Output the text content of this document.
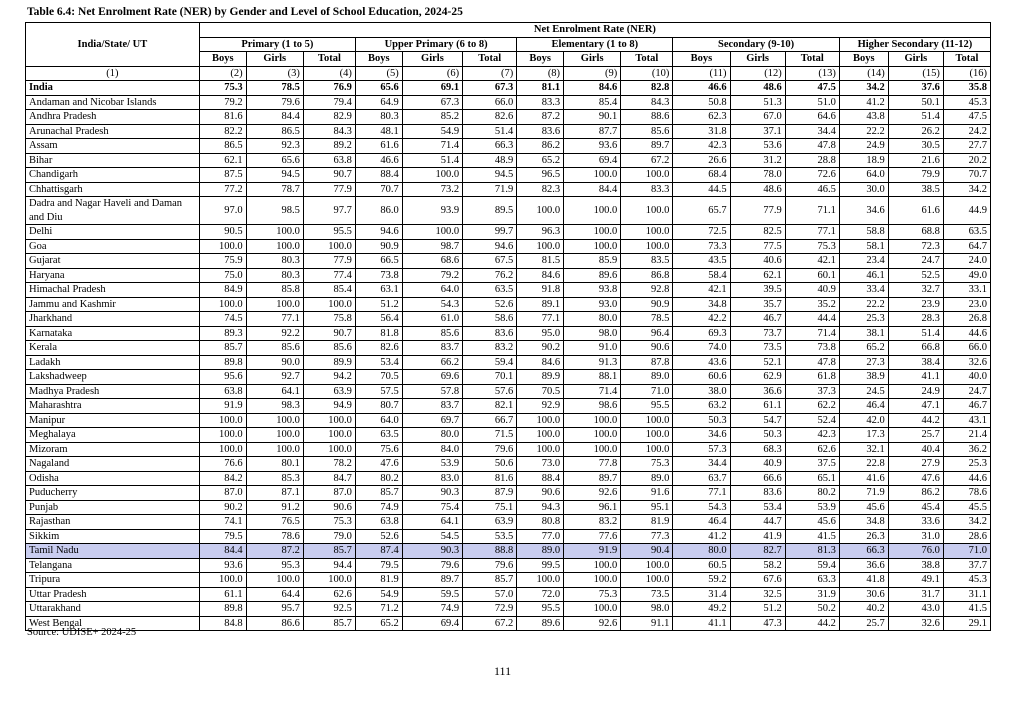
Table 6.4: Net Enrolment Rate (NER) by Gender and Level of School Education, 2024-25
India/State/ UT	Net Enrolment Rate (NER)														
	Primary (1 to 5)			Upper Primary (6 to 8)			Elementary (1 to 8)			Secondary (9-10)			Higher Secondary (11-12)		
	Boys	Girls	Total	Boys	Girls	Total	Boys	Girls	Total	Boys	Girls	Total	Boys	Girls	Total
(1)	(2)	(3)	(4)	(5)	(6)	(7)	(8)	(9)	(10)	(11)	(12)	(13)	(14)	(15)	(16)
India	75.3	78.5	76.9	65.6	69.1	67.3	81.1	84.6	82.8	46.6	48.6	47.5	34.2	37.6	35.8
Andaman and Nicobar Islands	79.2	79.6	79.4	64.9	67.3	66.0	83.3	85.4	84.3	50.8	51.3	51.0	41.2	50.1	45.3
Andhra Pradesh	81.6	84.4	82.9	80.3	85.2	82.6	87.2	90.1	88.6	62.3	67.0	64.6	43.8	51.4	47.5
Arunachal Pradesh	82.2	86.5	84.3	48.1	54.9	51.4	83.6	87.7	85.6	31.8	37.1	34.4	22.2	26.2	24.2
Assam	86.5	92.3	89.2	61.6	71.4	66.3	86.2	93.6	89.7	42.3	53.6	47.8	24.9	30.5	27.7
Bihar	62.1	65.6	63.8	46.6	51.4	48.9	65.2	69.4	67.2	26.6	31.2	28.8	18.9	21.6	20.2
Chandigarh	87.5	94.5	90.7	88.4	100.0	94.5	96.5	100.0	100.0	68.4	78.0	72.6	64.0	79.9	70.7
Chhattisgarh	77.2	78.7	77.9	70.7	73.2	71.9	82.3	84.4	83.3	44.5	48.6	46.5	30.0	38.5	34.2
Dadra and Nagar Haveli and Daman and Diu	97.0	98.5	97.7	86.0	93.9	89.5	100.0	100.0	100.0	65.7	77.9	71.1	34.6	61.6	44.9
Delhi	90.5	100.0	95.5	94.6	100.0	99.7	96.3	100.0	100.0	72.5	82.5	77.1	58.8	68.8	63.5
Goa	100.0	100.0	100.0	90.9	98.7	94.6	100.0	100.0	100.0	73.3	77.5	75.3	58.1	72.3	64.7
Gujarat	75.9	80.3	77.9	66.5	68.6	67.5	81.5	85.9	83.5	43.5	40.6	42.1	23.4	24.7	24.0
Haryana	75.0	80.3	77.4	73.8	79.2	76.2	84.6	89.6	86.8	58.4	62.1	60.1	46.1	52.5	49.0
Himachal Pradesh	84.9	85.8	85.4	63.1	64.0	63.5	91.8	93.8	92.8	42.1	39.5	40.9	33.4	32.7	33.1
Jammu and Kashmir	100.0	100.0	100.0	51.2	54.3	52.6	89.1	93.0	90.9	34.8	35.7	35.2	22.2	23.9	23.0
Jharkhand	74.5	77.1	75.8	56.4	61.0	58.6	77.1	80.0	78.5	42.2	46.7	44.4	25.3	28.3	26.8
Karnataka	89.3	92.2	90.7	81.8	85.6	83.6	95.0	98.0	96.4	69.3	73.7	71.4	38.1	51.4	44.6
Kerala	85.7	85.6	85.6	82.6	83.7	83.2	90.2	91.0	90.6	74.0	73.5	73.8	65.2	66.8	66.0
Ladakh	89.8	90.0	89.9	53.4	66.2	59.4	84.6	91.3	87.8	43.6	52.1	47.8	27.3	38.4	32.6
Lakshadweep	95.6	92.7	94.2	70.5	69.6	70.1	89.9	88.1	89.0	60.6	62.9	61.8	38.9	41.1	40.0
Madhya Pradesh	63.8	64.1	63.9	57.5	57.8	57.6	70.5	71.4	71.0	38.0	36.6	37.3	24.5	24.9	24.7
Maharashtra	91.9	98.3	94.9	80.7	83.7	82.1	92.9	98.6	95.5	63.2	61.1	62.2	46.4	47.1	46.7
Manipur	100.0	100.0	100.0	64.0	69.7	66.7	100.0	100.0	100.0	50.3	54.7	52.4	42.0	44.2	43.1
Meghalaya	100.0	100.0	100.0	63.5	80.0	71.5	100.0	100.0	100.0	34.6	50.3	42.3	17.3	25.7	21.4
Mizoram	100.0	100.0	100.0	75.6	84.0	79.6	100.0	100.0	100.0	57.3	68.3	62.6	32.1	40.4	36.2
Nagaland	76.6	80.1	78.2	47.6	53.9	50.6	73.0	77.8	75.3	34.4	40.9	37.5	22.8	27.9	25.3
Odisha	84.2	85.3	84.7	80.2	83.0	81.6	88.4	89.7	89.0	63.7	66.6	65.1	41.6	47.6	44.6
Puducherry	87.0	87.1	87.0	85.7	90.3	87.9	90.6	92.6	91.6	77.1	83.6	80.2	71.9	86.2	78.6
Punjab	90.2	91.2	90.6	74.9	75.4	75.1	94.3	96.1	95.1	54.3	53.4	53.9	45.6	45.4	45.5
Rajasthan	74.1	76.5	75.3	63.8	64.1	63.9	80.8	83.2	81.9	46.4	44.7	45.6	34.8	33.6	34.2
Sikkim	79.5	78.6	79.0	52.6	54.5	53.5	77.0	77.6	77.3	41.2	41.9	41.5	26.3	31.0	28.6
Tamil Nadu	84.4	87.2	85.7	87.4	90.3	88.8	89.0	91.9	90.4	80.0	82.7	81.3	66.3	76.0	71.0
Telangana	93.6	95.3	94.4	79.5	79.6	79.6	99.5	100.0	100.0	60.5	58.2	59.4	36.6	38.8	37.7
Tripura	100.0	100.0	100.0	81.9	89.7	85.7	100.0	100.0	100.0	59.2	67.6	63.3	41.8	49.1	45.3
Uttar Pradesh	61.1	64.4	62.6	54.9	59.5	57.0	72.0	75.3	73.5	31.4	32.5	31.9	30.6	31.7	31.1
Uttarakhand	89.8	95.7	92.5	71.2	74.9	72.9	95.5	100.0	98.0	49.2	51.2	50.2	40.2	43.0	41.5
West Bengal	84.8	86.6	85.7	65.2	69.4	67.2	89.6	92.6	91.1	41.1	47.3	44.2	25.7	32.6	29.1
Source: UDISE+ 2024-25
111
